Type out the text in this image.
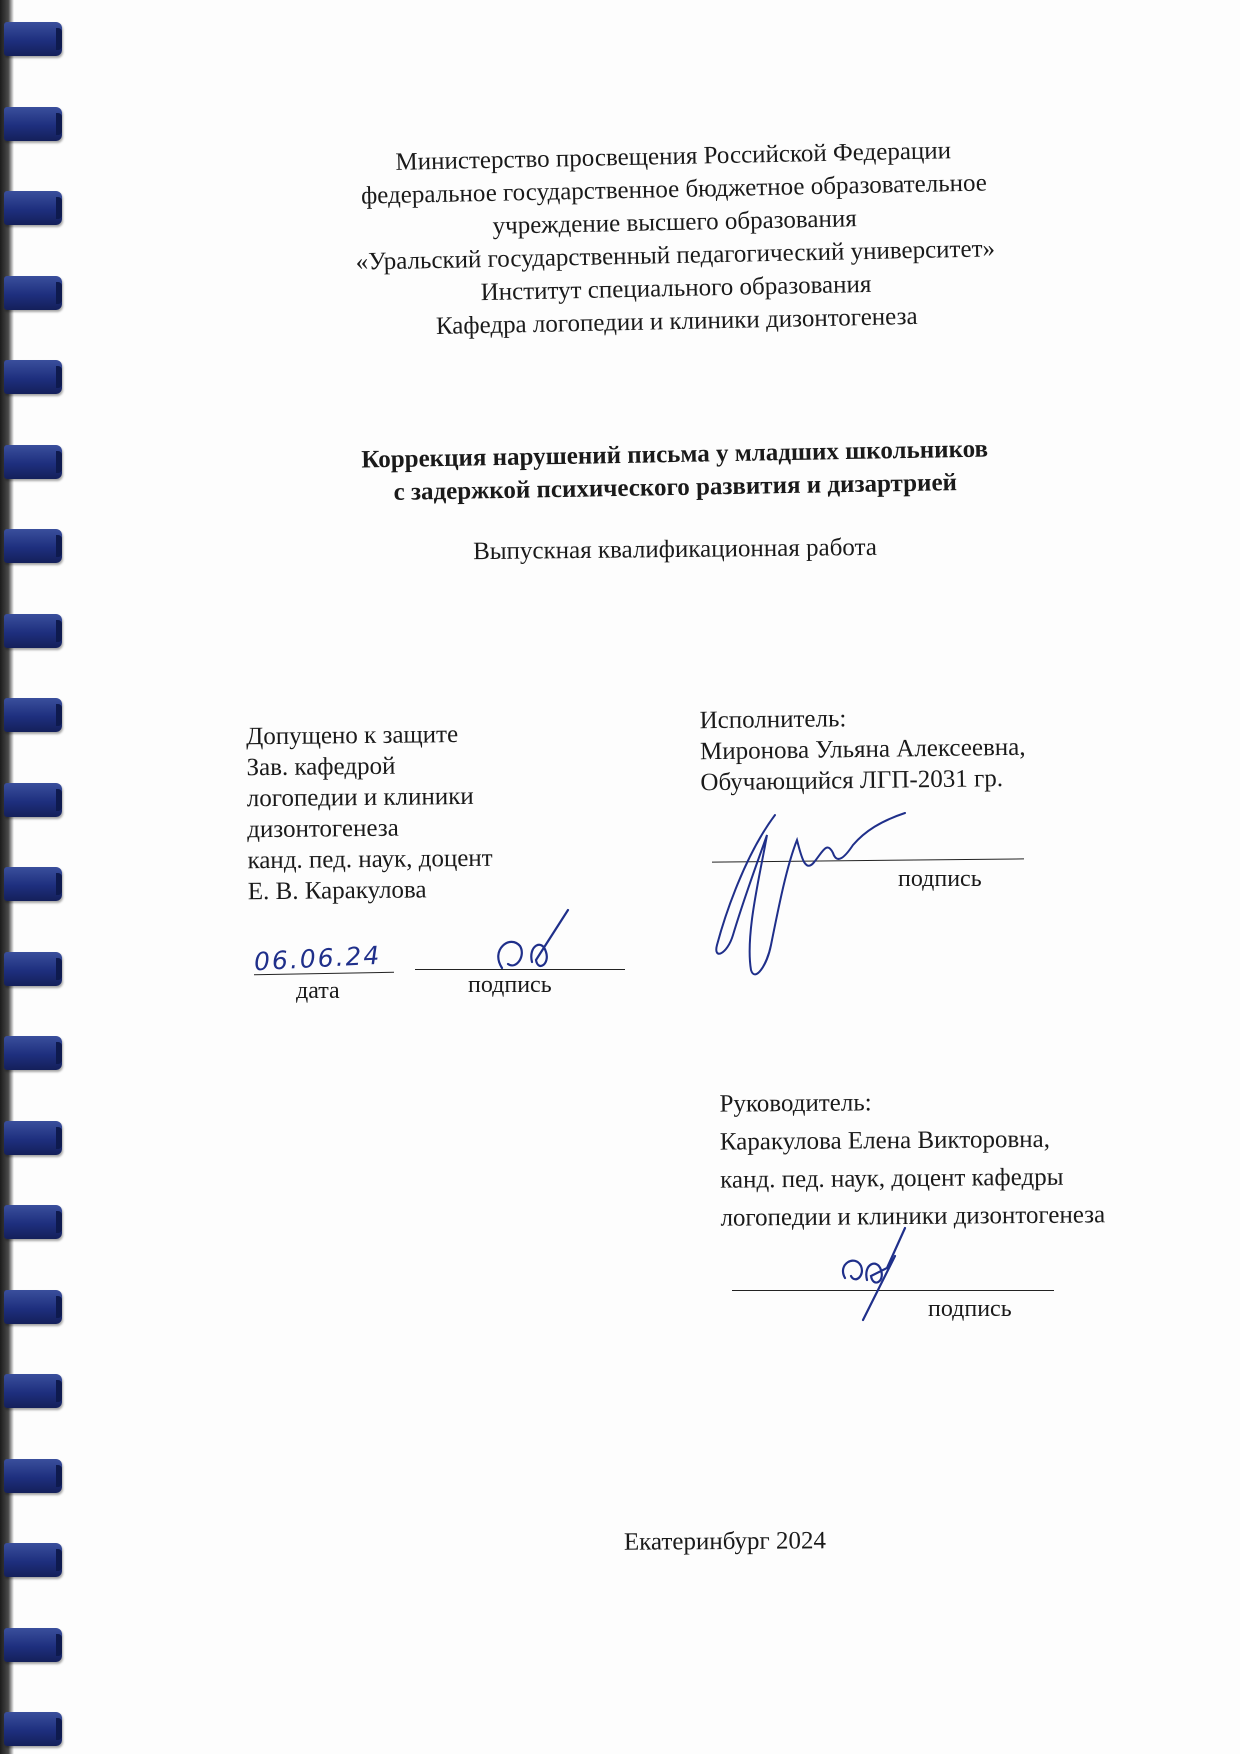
Министерство просвещения Российской Федерации
федеральное государственное бюджетное образовательное
учреждение высшего образования
«Уральский государственный педагогический университет»
Институт специального образования
Кафедра логопедии и клиники дизонтогенеза
Коррекция нарушений письма у младших школьников
с задержкой психического развития и дизартрией
Выпускная квалификационная работа
Допущено к защите
Зав. кафедрой
логопедии и клиники
дизонтогенеза
канд. пед. наук, доцент
Е. В. Каракулова
06.06.24
дата	подпись
Исполнитель:
Миронова Ульяна Алексеевна,
Обучающийся ЛГП-2031 гр.
подпись
Руководитель:
Каракулова Елена Викторовна,
канд. пед. наук, доцент кафедры
логопедии и клиники дизонтогенеза
подпись
Екатеринбург 2024
